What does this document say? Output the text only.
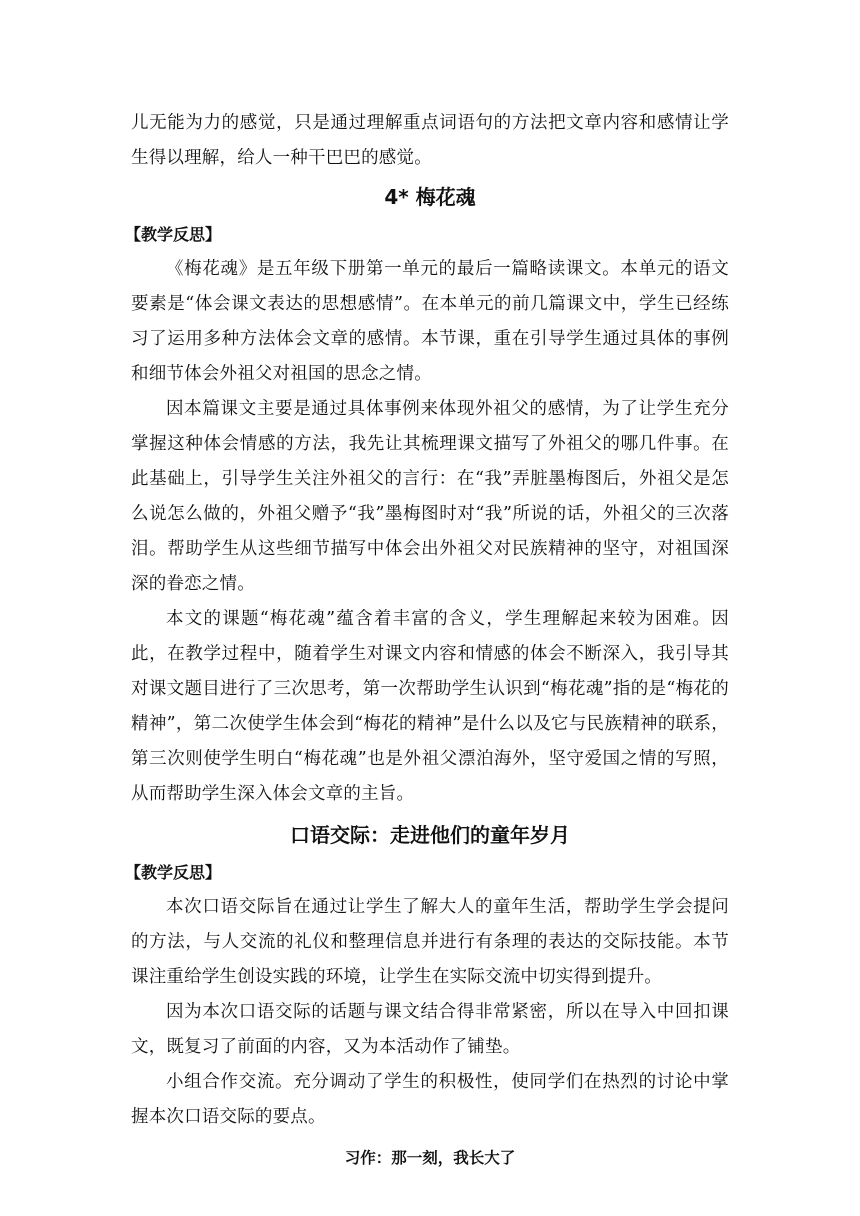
儿无能为力的感觉，只是通过理解重点词语句的方法把文章内容和感情让学生得以理解，给人一种干巴巴的感觉。

4* 梅花魂
【教学反思】

《梅花魂》是五年级下册第一单元的最后一篇略读课文。本单元的语文要素是“体会课文表达的思想感情”。在本单元的前几篇课文中，学生已经练习了运用多种方法体会文章的感情。本节课，重在引导学生通过具体的事例和细节体会外祖父对祖国的思念之情。

因本篇课文主要是通过具体事例来体现外祖父的感情，为了让学生充分掌握这种体会情感的方法，我先让其梳理课文描写了外祖父的哪几件事。在此基础上，引导学生关注外祖父的言行：在“我”弄脏墨梅图后，外祖父是怎么说怎么做的，外祖父赠予“我”墨梅图时对“我”所说的话，外祖父的三次落泪。帮助学生从这些细节描写中体会出外祖父对民族精神的坚守，对祖国深深的眷恋之情。

本文的课题“梅花魂”蕴含着丰富的含义，学生理解起来较为困难。因此，在教学过程中，随着学生对课文内容和情感的体会不断深入，我引导其对课文题目进行了三次思考，第一次帮助学生认识到“梅花魂”指的是“梅花的精神”，第二次使学生体会到“梅花的精神”是什么以及它与民族精神的联系，第三次则使学生明白“梅花魂”也是外祖父漂泊海外，坚守爱国之情的写照，从而帮助学生深入体会文章的主旨。

口语交际：走进他们的童年岁月
【教学反思】

本次口语交际旨在通过让学生了解大人的童年生活，帮助学生学会提问的方法，与人交流的礼仪和整理信息并进行有条理的表达的交际技能。本节课注重给学生创设实践的环境，让学生在实际交流中切实得到提升。

因为本次口语交际的话题与课文结合得非常紧密，所以在导入中回扣课文，既复习了前面的内容，又为本活动作了铺垫。

小组合作交流。充分调动了学生的积极性，使同学们在热烈的讨论中掌握本次口语交际的要点。

习作：那一刻，我长大了
